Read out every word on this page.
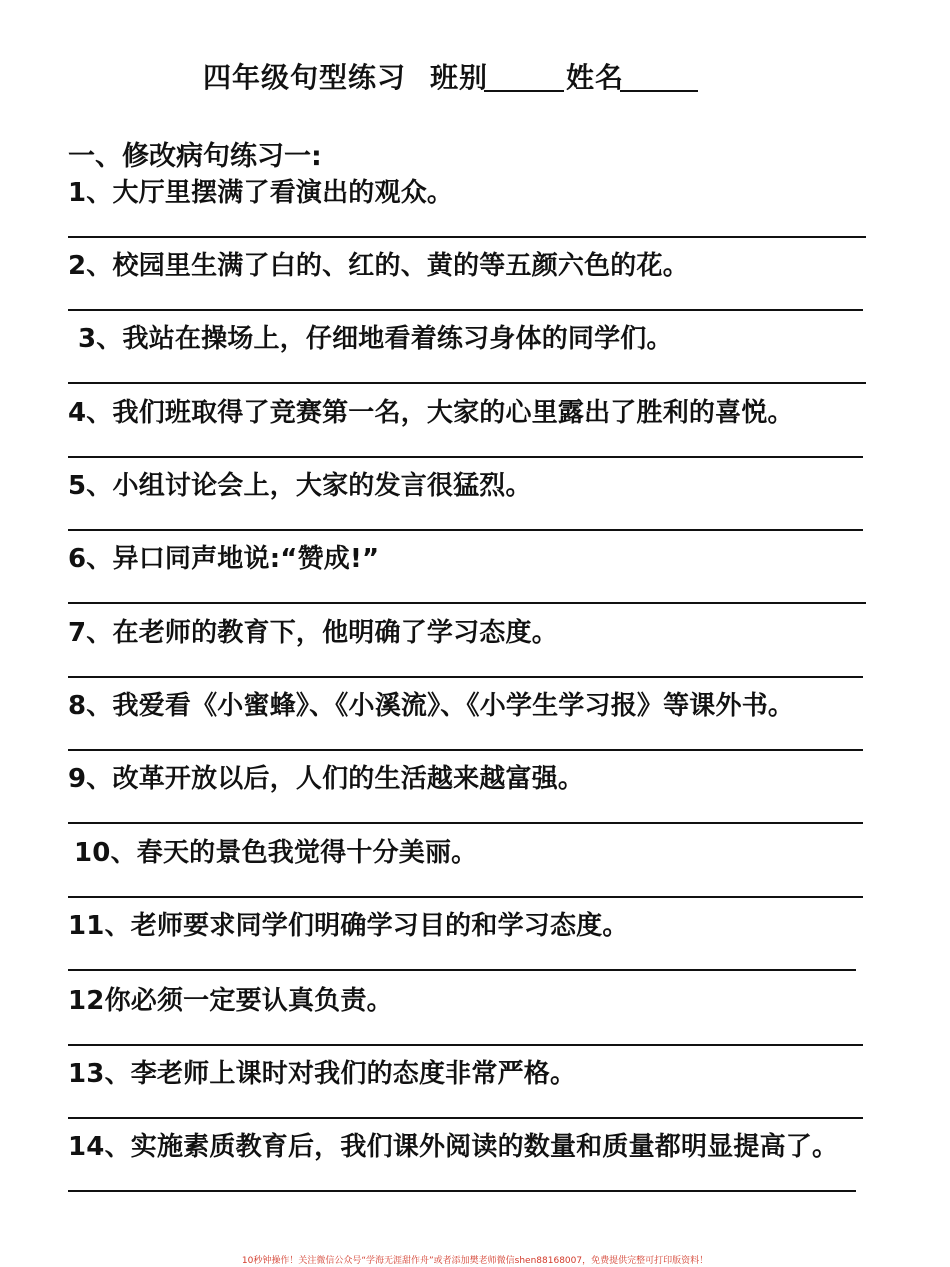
四年级句型练习 班别	姓名
一、修改病句练习一:
1、大厅里摆满了看演出的观众。
2、校园里生满了白的、红的、黄的等五颜六色的花。
3、我站在操场上，仔细地看着练习身体的同学们。
4、我们班取得了竞赛第一名，大家的心里露出了胜利的喜悦。
5、小组讨论会上，大家的发言很猛烈。
6、异口同声地说:“赞成!”
7、在老师的教育下，他明确了学习态度。
8、我爱看《小蜜蜂》、《小溪流》、《小学生学习报》等课外书。
9、改革开放以后，人们的生活越来越富强。
10、春天的景色我觉得十分美丽。
11、老师要求同学们明确学习目的和学习态度。
12你必须一定要认真负责。
13、李老师上课时对我们的态度非常严格。
14、实施素质教育后，我们课外阅读的数量和质量都明显提高了。
10秒钟操作！关注微信公众号“学海无涯甜作舟”或者添加樊老师微信shen88168007，免费提供完整可打印版资料！
